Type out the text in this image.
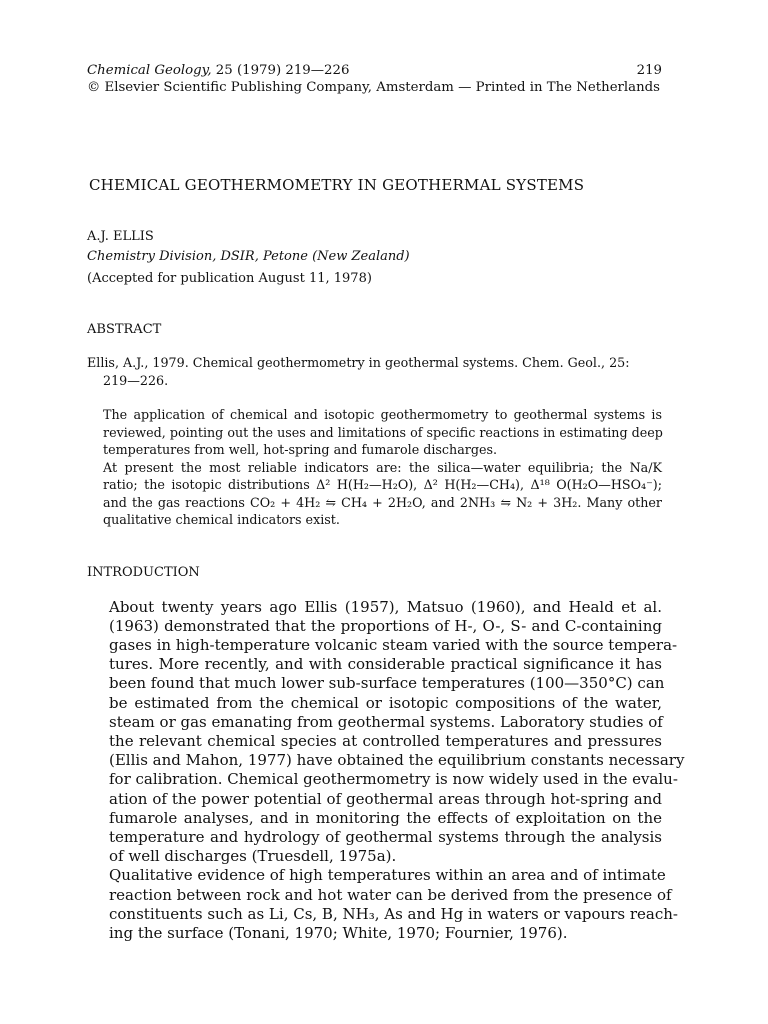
Chemical Geology, 25 (1979) 219—226	219
© Elsevier Scientific Publishing Company, Amsterdam — Printed in The Netherlands
CHEMICAL GEOTHERMOMETRY IN GEOTHERMAL SYSTEMS
A.J. ELLIS
Chemistry Division, DSIR, Petone (New Zealand)
(Accepted for publication August 11, 1978)
ABSTRACT
Ellis, A.J., 1979. Chemical geothermometry in geothermal systems. Chem. Geol., 25:
219—226.
The application of chemical and isotopic geothermometry to geothermal systems is
reviewed, pointing out the uses and limitations of specific reactions in estimating deep
temperatures from well, hot-spring and fumarole discharges.
At present the most reliable indicators are: the silica—water equilibria; the Na/K
ratio; the isotopic distributions Δ² H(H₂—H₂O), Δ² H(H₂—CH₄), Δ¹⁸ O(H₂O—HSO₄⁻);
and the gas reactions CO₂ + 4H₂ ⇋ CH₄ + 2H₂O, and 2NH₃ ⇋ N₂ + 3H₂. Many other
qualitative chemical indicators exist.
INTRODUCTION
About twenty years ago Ellis (1957), Matsuo (1960), and Heald et al.
(1963) demonstrated that the proportions of H-, O-, S- and C-containing
gases in high-temperature volcanic steam varied with the source tempera-
tures. More recently, and with considerable practical significance it has
been found that much lower sub-surface temperatures (100—350°C) can
be estimated from the chemical or isotopic compositions of the water,
steam or gas emanating from geothermal systems. Laboratory studies of
the relevant chemical species at controlled temperatures and pressures
(Ellis and Mahon, 1977) have obtained the equilibrium constants necessary
for calibration. Chemical geothermometry is now widely used in the evalu-
ation of the power potential of geothermal areas through hot-spring and
fumarole analyses, and in monitoring the effects of exploitation on the
temperature and hydrology of geothermal systems through the analysis
of well discharges (Truesdell, 1975a).
Qualitative evidence of high temperatures within an area and of intimate
reaction between rock and hot water can be derived from the presence of
constituents such as Li, Cs, B, NH₃, As and Hg in waters or vapours reach-
ing the surface (Tonani, 1970; White, 1970; Fournier, 1976).
